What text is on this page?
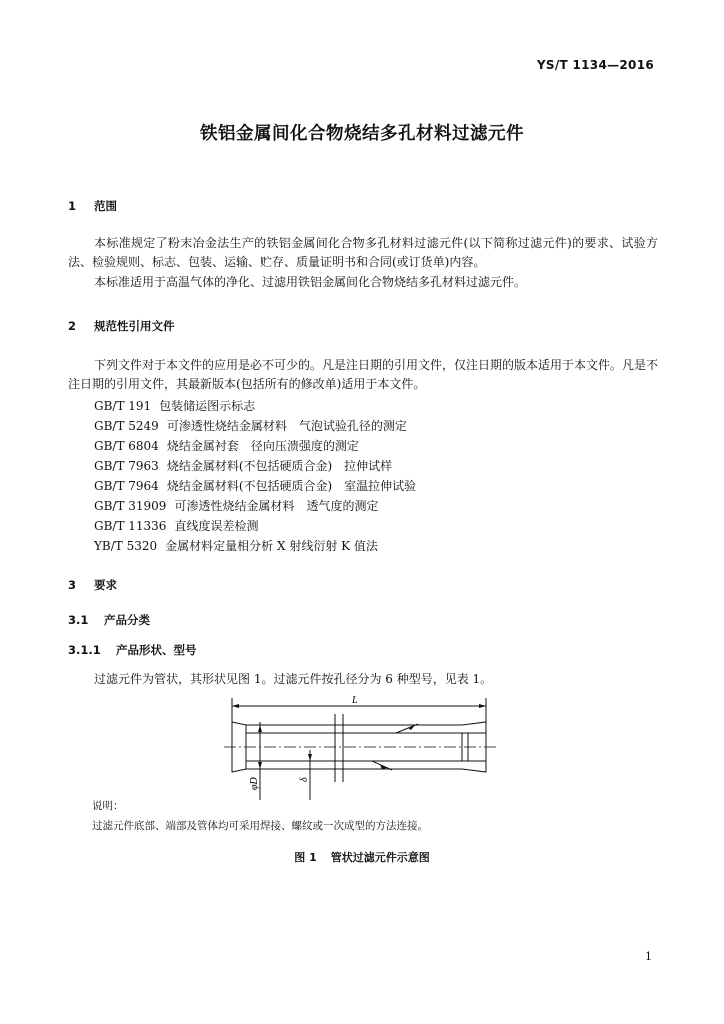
YS/T 1134—2016
铁铝金属间化合物烧结多孔材料过滤元件
1 范围
本标准规定了粉末冶金法生产的铁铝金属间化合物多孔材料过滤元件(以下简称过滤元件)的要求、试验方法、检验规则、标志、包装、运输、贮存、质量证明书和合同(或订货单)内容。
本标准适用于高温气体的净化、过滤用铁铝金属间化合物烧结多孔材料过滤元件。
2 规范性引用文件
下列文件对于本文件的应用是必不可少的。凡是注日期的引用文件，仅注日期的版本适用于本文件。凡是不注日期的引用文件，其最新版本(包括所有的修改单)适用于本文件。
GB/T 191 包装储运图示标志
GB/T 5249 可渗透性烧结金属材料　气泡试验孔径的测定
GB/T 6804 烧结金属衬套　径向压溃强度的测定
GB/T 7963 烧结金属材料(不包括硬质合金)　拉伸试样
GB/T 7964 烧结金属材料(不包括硬质合金)　室温拉伸试验
GB/T 31909 可渗透性烧结金属材料　透气度的测定
GB/T 11336 直线度误差检测
YB/T 5320 金属材料定量相分析 X 射线衍射 K 值法
3 要求
3.1 产品分类
3.1.1 产品形状、型号
过滤元件为管状，其形状见图 1。过滤元件按孔径分为 6 种型号，见表 1。
L
φD	δ
说明：
过滤元件底部、端部及管体均可采用焊接、螺纹或一次成型的方法连接。
图 1 管状过滤元件示意图
1
